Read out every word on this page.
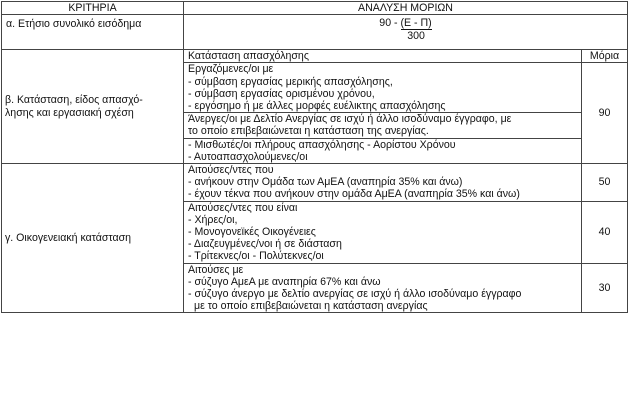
ΚΡΙΤΗΡΙΑ	ΑΝΑΛΥΣΗ ΜΟΡΙΩΝ	
α. Ετήσιο συνολικό εισόδημα	90 - (Ε - Π)
300	

β. Κατάσταση, είδος απασχό-
λησης και εργασιακή σχέση	Κατάσταση απασχόλησης	Μόρια

	Εργαζόμενες/οι με
- σύμβαση εργασίας μερικής απασχόλησης,
- σύμβαση εργασίας ορισμένου χρόνου,
- εργόσημο ή με άλλες μορφές ευέλικτης απασχόλησης	90

	Άνεργες/οι με Δελτίο Ανεργίας σε ισχύ ή άλλο ισοδύναμο έγγραφο, με
το οποίο επιβεβαιώνεται η κατάσταση της ανεργίας.	

	- Μισθωτές/οι πλήρους απασχόλησης - Αορίστου Χρόνου
- Αυτοαπασχολούμενες/οι	

γ. Οικογενειακή κατάσταση	Αιτούσες/ντες που
- ανήκουν στην Ομάδα των ΑμΕΑ (αναπηρία 35% και άνω)
- έχουν τέκνα που ανήκουν στην ομάδα ΑμΕΑ (αναπηρία 35% και άνω)	50

	Αιτούσες/ντες που είναι
- Χήρες/οι,
- Μονογονεϊκές Οικογένειες
- Διαζευγμένες/νοι ή σε διάσταση
- Τρίτεκνες/οι - Πολύτεκνες/οι	40

	Αιτούσες με
- σύζυγο ΑμεΑ με αναπηρία 67% και άνω
- σύζυγο άνεργο με δελτίο ανεργίας σε ισχύ ή άλλο ισοδύναμο έγγραφο
με το οποίο επιβεβαιώνεται η κατάσταση ανεργίας	30
